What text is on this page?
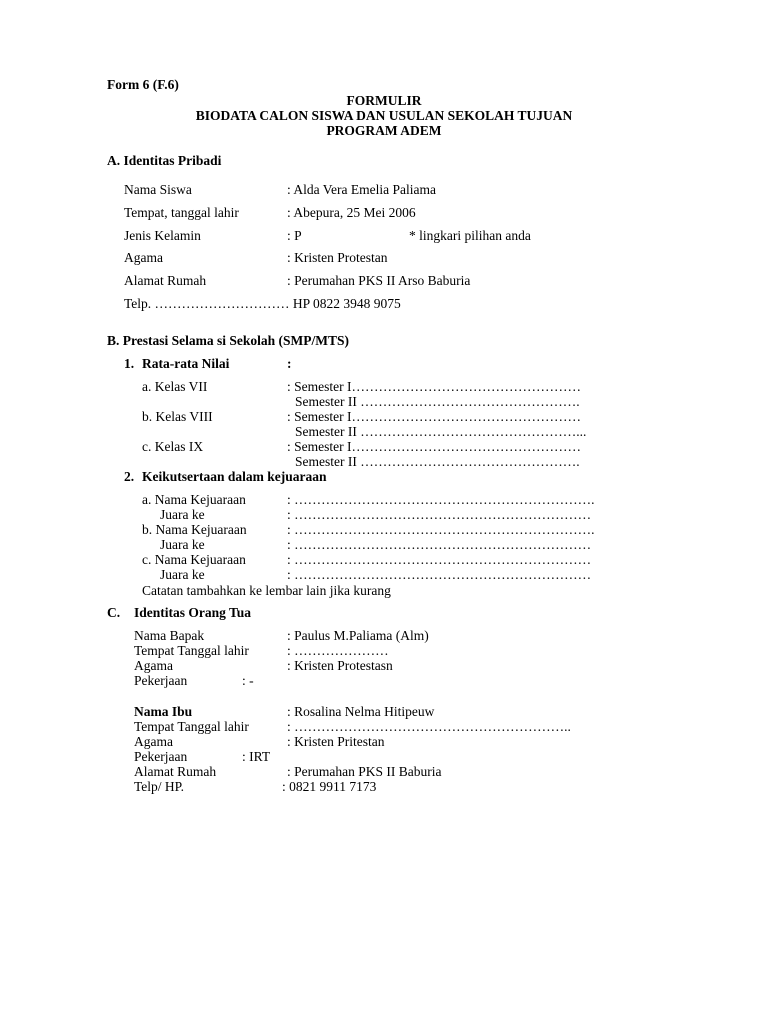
Form 6 (F.6)
FORMULIR
BIODATA CALON SISWA DAN USULAN SEKOLAH TUJUAN
PROGRAM ADEM
A. Identitas Pribadi
Nama Siswa	: Alda Vera Emelia Paliama
Tempat, tanggal lahir	: Abepura, 25 Mei 2006
Jenis Kelamin	: P	* lingkari pilihan anda
Agama	: Kristen Protestan
Alamat Rumah	: Perumahan PKS II Arso Baburia
Telp. ………………………… HP 0822 3948 9075
B. Prestasi Selama si Sekolah (SMP/MTS)
1. Rata-rata Nilai	:
a. Kelas VII	: Semester I……………………………………………
Semester II ………………………………………….
b. Kelas VIII	: Semester I……………………………………………
Semester II …………………………………………...
c. Kelas IX	: Semester I……………………………………………
Semester II ………………………………………….
2. Keikutsertaan dalam kejuaraan
a. Nama Kejuaraan	: ………………………………………………………….
Juara ke	: …………………………………………………………
b. Nama Kejuaraan	: ………………………………………………………….
Juara ke	: …………………………………………………………
c. Nama Kejuaraan	: …………………………………………………………
Juara ke	: …………………………………………………………
Catatan tambahkan ke lembar lain jika kurang
C. Identitas Orang Tua
Nama Bapak	: Paulus M.Paliama (Alm)
Tempat Tanggal lahir	: …………………
Agama	: Kristen Protestasn
Pekerjaan	: -
Nama Ibu	: Rosalina Nelma Hitipeuw
Tempat Tanggal lahir	: ……………………………………………………..
Agama	: Kristen Pritestan
Pekerjaan	: IRT
Alamat Rumah	: Perumahan PKS II Baburia
Telp/ HP.	: 0821 9911 7173
